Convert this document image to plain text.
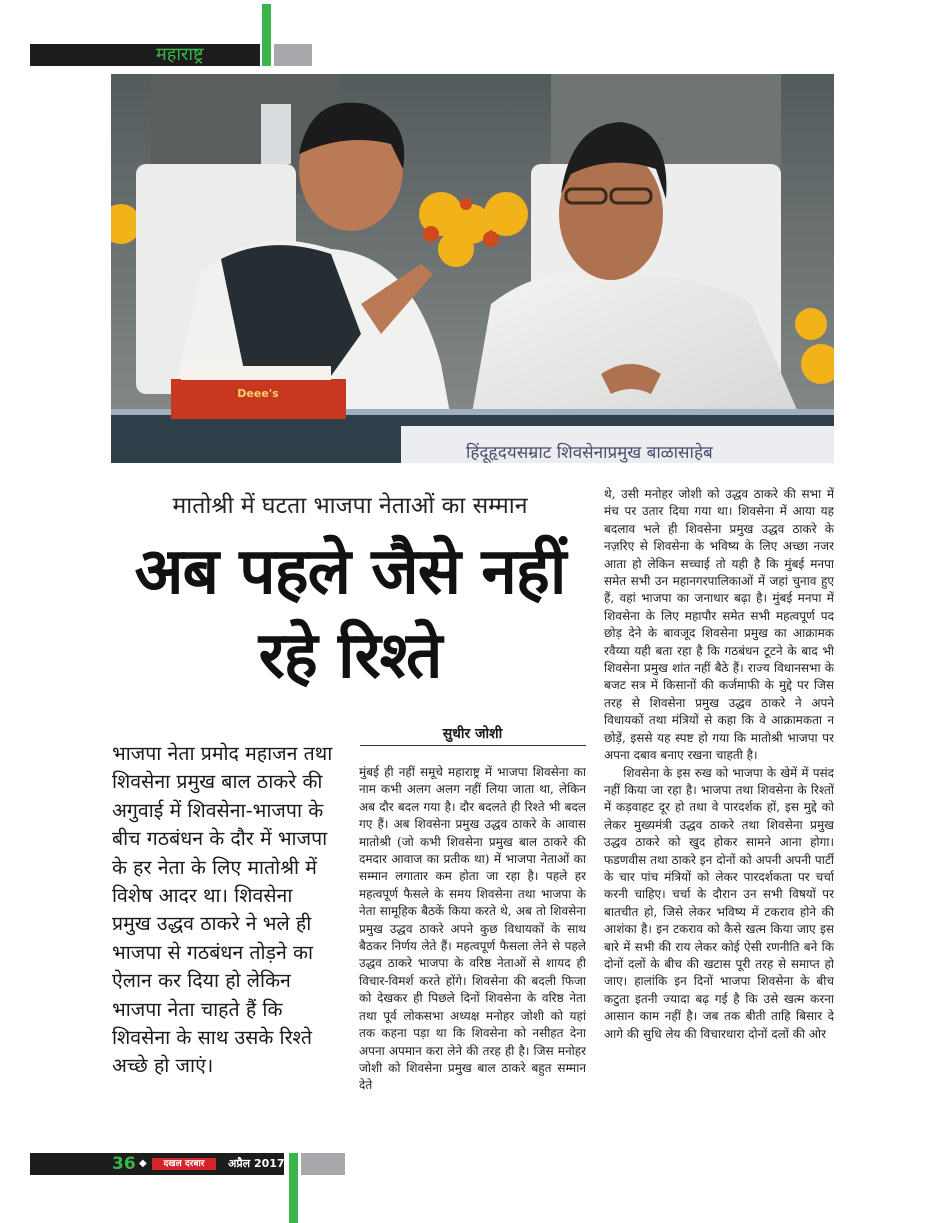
महाराष्ट्र
Deee's
हिंदूहृदयसम्राट शिवसेनाप्रमुख बाळासाहेब
मातोश्री में घटता भाजपा नेताओं का सम्मान
अब पहले जैसे नहीं
रहे रिश्ते
भाजपा नेता प्रमोद महाजन तथा शिवसेना प्रमुख बाल ठाकरे की अगुवाई में शिवसेना-भाजपा के बीच गठबंधन के दौर में भाजपा के हर नेता के लिए मातोश्री में विशेष आदर था। शिवसेना प्रमुख उद्धव ठाकरे ने भले ही भाजपा से गठबंधन तोड़ने का ऐलान कर दिया हो लेकिन भाजपा नेता चाहते हैं कि शिवसेना के साथ उसके रिश्ते अच्छे हो जाएं।
सुधीर जोशी
मुंबई ही नहीं समूचे महाराष्ट्र में भाजपा शिवसेना का नाम कभी अलग अलग नहीं लिया जाता था, लेकिन अब दौर बदल गया है। दौर बदलते ही रिश्ते भी बदल गए हैं। अब शिवसेना प्रमुख उद्धव ठाकरे के आवास मातोश्री (जो कभी शिवसेना प्रमुख बाल ठाकरे की दमदार आवाज का प्रतीक था) में भाजपा नेताओं का सम्मान लगातार कम होता जा रहा है। पहले हर महत्वपूर्ण फैसले के समय शिवसेना तथा भाजपा के नेता सामूहिक बैठकें किया करते थे, अब तो शिवसेना प्रमुख उद्धव ठाकरे अपने कुछ विधायकों के साथ बैठकर निर्णय लेते हैं। महत्वपूर्ण फैसला लेने से पहले उद्धव ठाकरे भाजपा के वरिष्ठ नेताओं से शायद ही विचार-विमर्श करते होंगे। शिवसेना की बदली फिजा को देखकर ही पिछले दिनों शिवसेना के वरिष्ठ नेता तथा पूर्व लोकसभा अध्यक्ष मनोहर जोशी को यहां तक कहना पड़ा था कि शिवसेना को नसीहत देना अपना अपमान करा लेने की तरह ही है। जिस मनोहर जोशी को शिवसेना प्रमुख बाल ठाकरे बहुत सम्मान देते

थे, उसी मनोहर जोशी को उद्धव ठाकरे की सभा में मंच पर उतार दिया गया था। शिवसेना में आया यह बदलाव भले ही शिवसेना प्रमुख उद्धव ठाकरे के नज़रिए से शिवसेना के भविष्य के लिए अच्छा नजर आता हो लेकिन सच्चाई तो यही है कि मुंबई मनपा समेत सभी उन महानगरपालिकाओं में जहां चुनाव हुए हैं, वहां भाजपा का जनाधार बढ़ा है। मुंबई मनपा में शिवसेना के लिए महापौर समेत सभी महत्वपूर्ण पद छोड़ देने के बावजूद शिवसेना प्रमुख का आक्रामक रवैय्या यही बता रहा है कि गठबंधन टूटने के बाद भी शिवसेना प्रमुख शांत नहीं बैठे हैं। राज्य विधानसभा के बजट सत्र में किसानों की कर्जमाफी के मुद्दे पर जिस तरह से शिवसेना प्रमुख उद्धव ठाकरे ने अपने विधायकों तथा मंत्रियों से कहा कि वे आक्रामकता न छोड़ें, इससे यह स्पष्ट हो गया कि मातोश्री भाजपा पर अपना दबाव बनाए रखना चाहती है।

शिवसेना के इस रुख को भाजपा के खेमें में पसंद नहीं किया जा रहा है। भाजपा तथा शिवसेना के रिश्तों में कड़वाहट दूर हो तथा वे पारदर्शक हों, इस मुद्दे को लेकर मुख्यमंत्री उद्धव ठाकरे तथा शिवसेना प्रमुख उद्धव ठाकरे को खुद होकर सामने आना होगा। फडणवीस तथा ठाकरे इन दोनों को अपनी अपनी पार्टी के चार पांच मंत्रियों को लेकर पारदर्शकता पर चर्चा करनी चाहिए। चर्चा के दौरान उन सभी विषयों पर बातचीत हो, जिसे लेकर भविष्य में टकराव होने की आशंका है। इन टकराव को कैसे खत्म किया जाए इस बारे में सभी की राय लेकर कोई ऐसी रणनीति बने कि दोनों दलों के बीच की खटास पूरी तरह से समाप्त हो जाए। हालांकि इन दिनों भाजपा शिवसेना के बीच कटुता इतनी ज्यादा बढ़ गई है कि उसे खत्म करना आसान काम नहीं है। जब तक बीती ताहि बिसार दे आगे की सुधि लेय की विचारधारा दोनों दलों की ओर

36 ◆	दखल दरबार	अप्रैल 2017
